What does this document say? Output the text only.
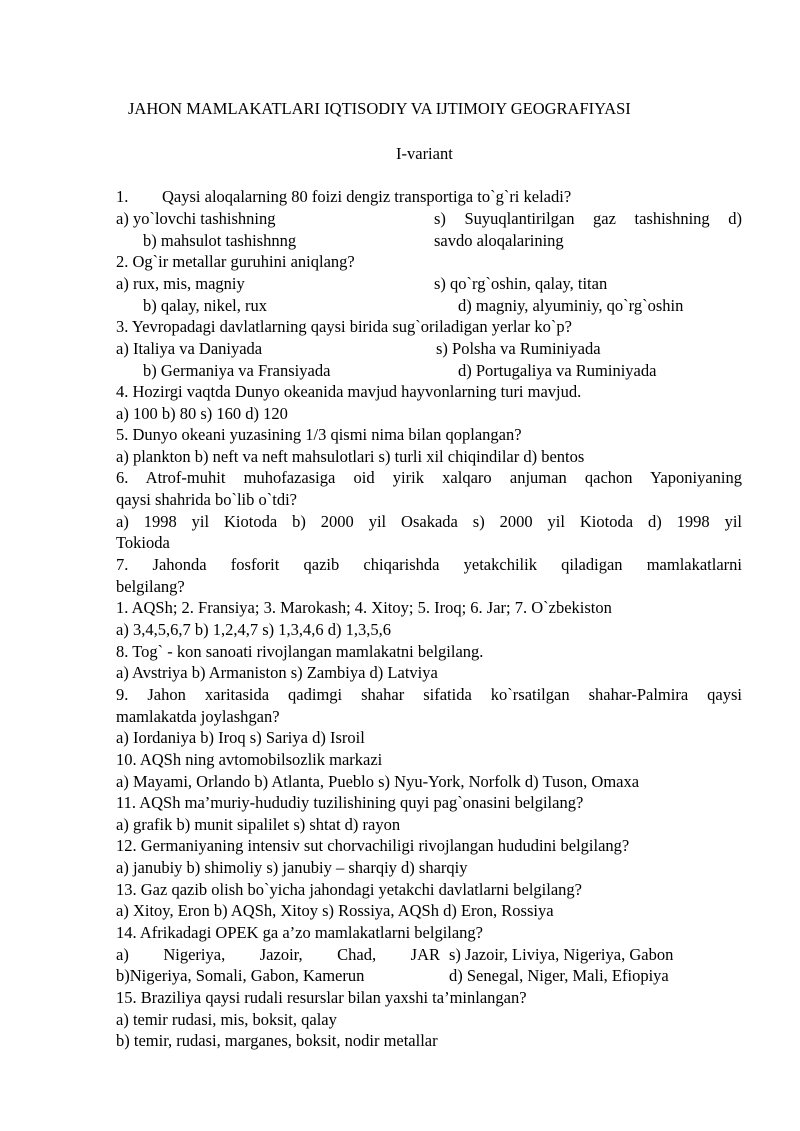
JAHON MAMLAKATLARI IQTISODIY VA IJTIMOIY GEOGRAFIYASI
I-variant
1. Qaysi aloqalarning 80 foizi dengiz transportiga to`g`ri keladi?
a) yo`lovchi tashishning	s) Suyuqlantirilgan gaz tashishning d)
b) mahsulot tashishnng	savdo aloqalarining
2. Og`ir metallar guruhini aniqlang?
a) rux, mis, magniy	s) qo`rg`oshin, qalay, titan
b) qalay, nikel, rux	d) magniy, alyuminiy, qo`rg`oshin
3. Yevropadagi davlatlarning qaysi birida sug`oriladigan yerlar ko`p?
a) Italiya va Daniyada	s) Polsha va Ruminiyada
b) Germaniya va Fransiyada	d) Portugaliya va Ruminiyada
4. Hozirgi vaqtda Dunyo okeanida mavjud hayvonlarning turi mavjud.
a) 100 b) 80 s) 160 d) 120
5. Dunyo okeani yuzasining 1/3 qismi nima bilan qoplangan?
a) plankton b) neft va neft mahsulotlari s) turli xil chiqindilar d) bentos
6. Atrof-muhit muhofazasiga oid yirik xalqaro anjuman qachon Yaponiyaning
qaysi shahrida bo`lib o`tdi?
a) 1998 yil Kiotoda b) 2000 yil Osakada s) 2000 yil Kiotoda d) 1998 yil
Tokioda
7. Jahonda fosforit qazib chiqarishda yetakchilik qiladigan mamlakatlarni
belgilang?
1. AQSh; 2. Fransiya; 3. Marokash; 4. Xitoy; 5. Iroq; 6. Jar; 7. O`zbekiston
a) 3,4,5,6,7 b) 1,2,4,7 s) 1,3,4,6 d) 1,3,5,6
8. Tog` - kon sanoati rivojlangan mamlakatni belgilang.
a) Avstriya b) Armaniston s) Zambiya d) Latviya
9. Jahon xaritasida qadimgi shahar sifatida ko`rsatilgan shahar-Palmira qaysi
mamlakatda joylashgan?
a) Iordaniya b) Iroq s) Sariya d) Isroil
10. AQSh ning avtomobilsozlik markazi
a) Mayami, Orlando b) Atlanta, Pueblo s) Nyu-York, Norfolk d) Tuson, Omaxa
11. AQSh ma’muriy-hududiy tuzilishining quyi pag`onasini belgilang?
a) grafik b) munit sipalilet s) shtat d) rayon
12. Germaniyaning intensiv sut chorvachiligi rivojlangan hududini belgilang?
a) janubiy b) shimoliy s) janubiy – sharqiy d) sharqiy
13. Gaz qazib olish bo`yicha jahondagi yetakchi davlatlarni belgilang?
a) Xitoy, Eron b) AQSh, Xitoy s) Rossiya, AQSh d) Eron, Rossiya
14. Afrikadagi OPEK ga a’zo mamlakatlarni belgilang?
a) Nigeriya, Jazoir, Chad, JAR s) Jazoir, Liviya, Nigeriya, Gabon
b)Nigeriya, Somali, Gabon, Kamerun	d) Senegal, Niger, Mali, Efiopiya
15. Braziliya qaysi rudali resurslar bilan yaxshi ta’minlangan?
a) temir rudasi, mis, boksit, qalay
b) temir, rudasi, marganes, boksit, nodir metallar
